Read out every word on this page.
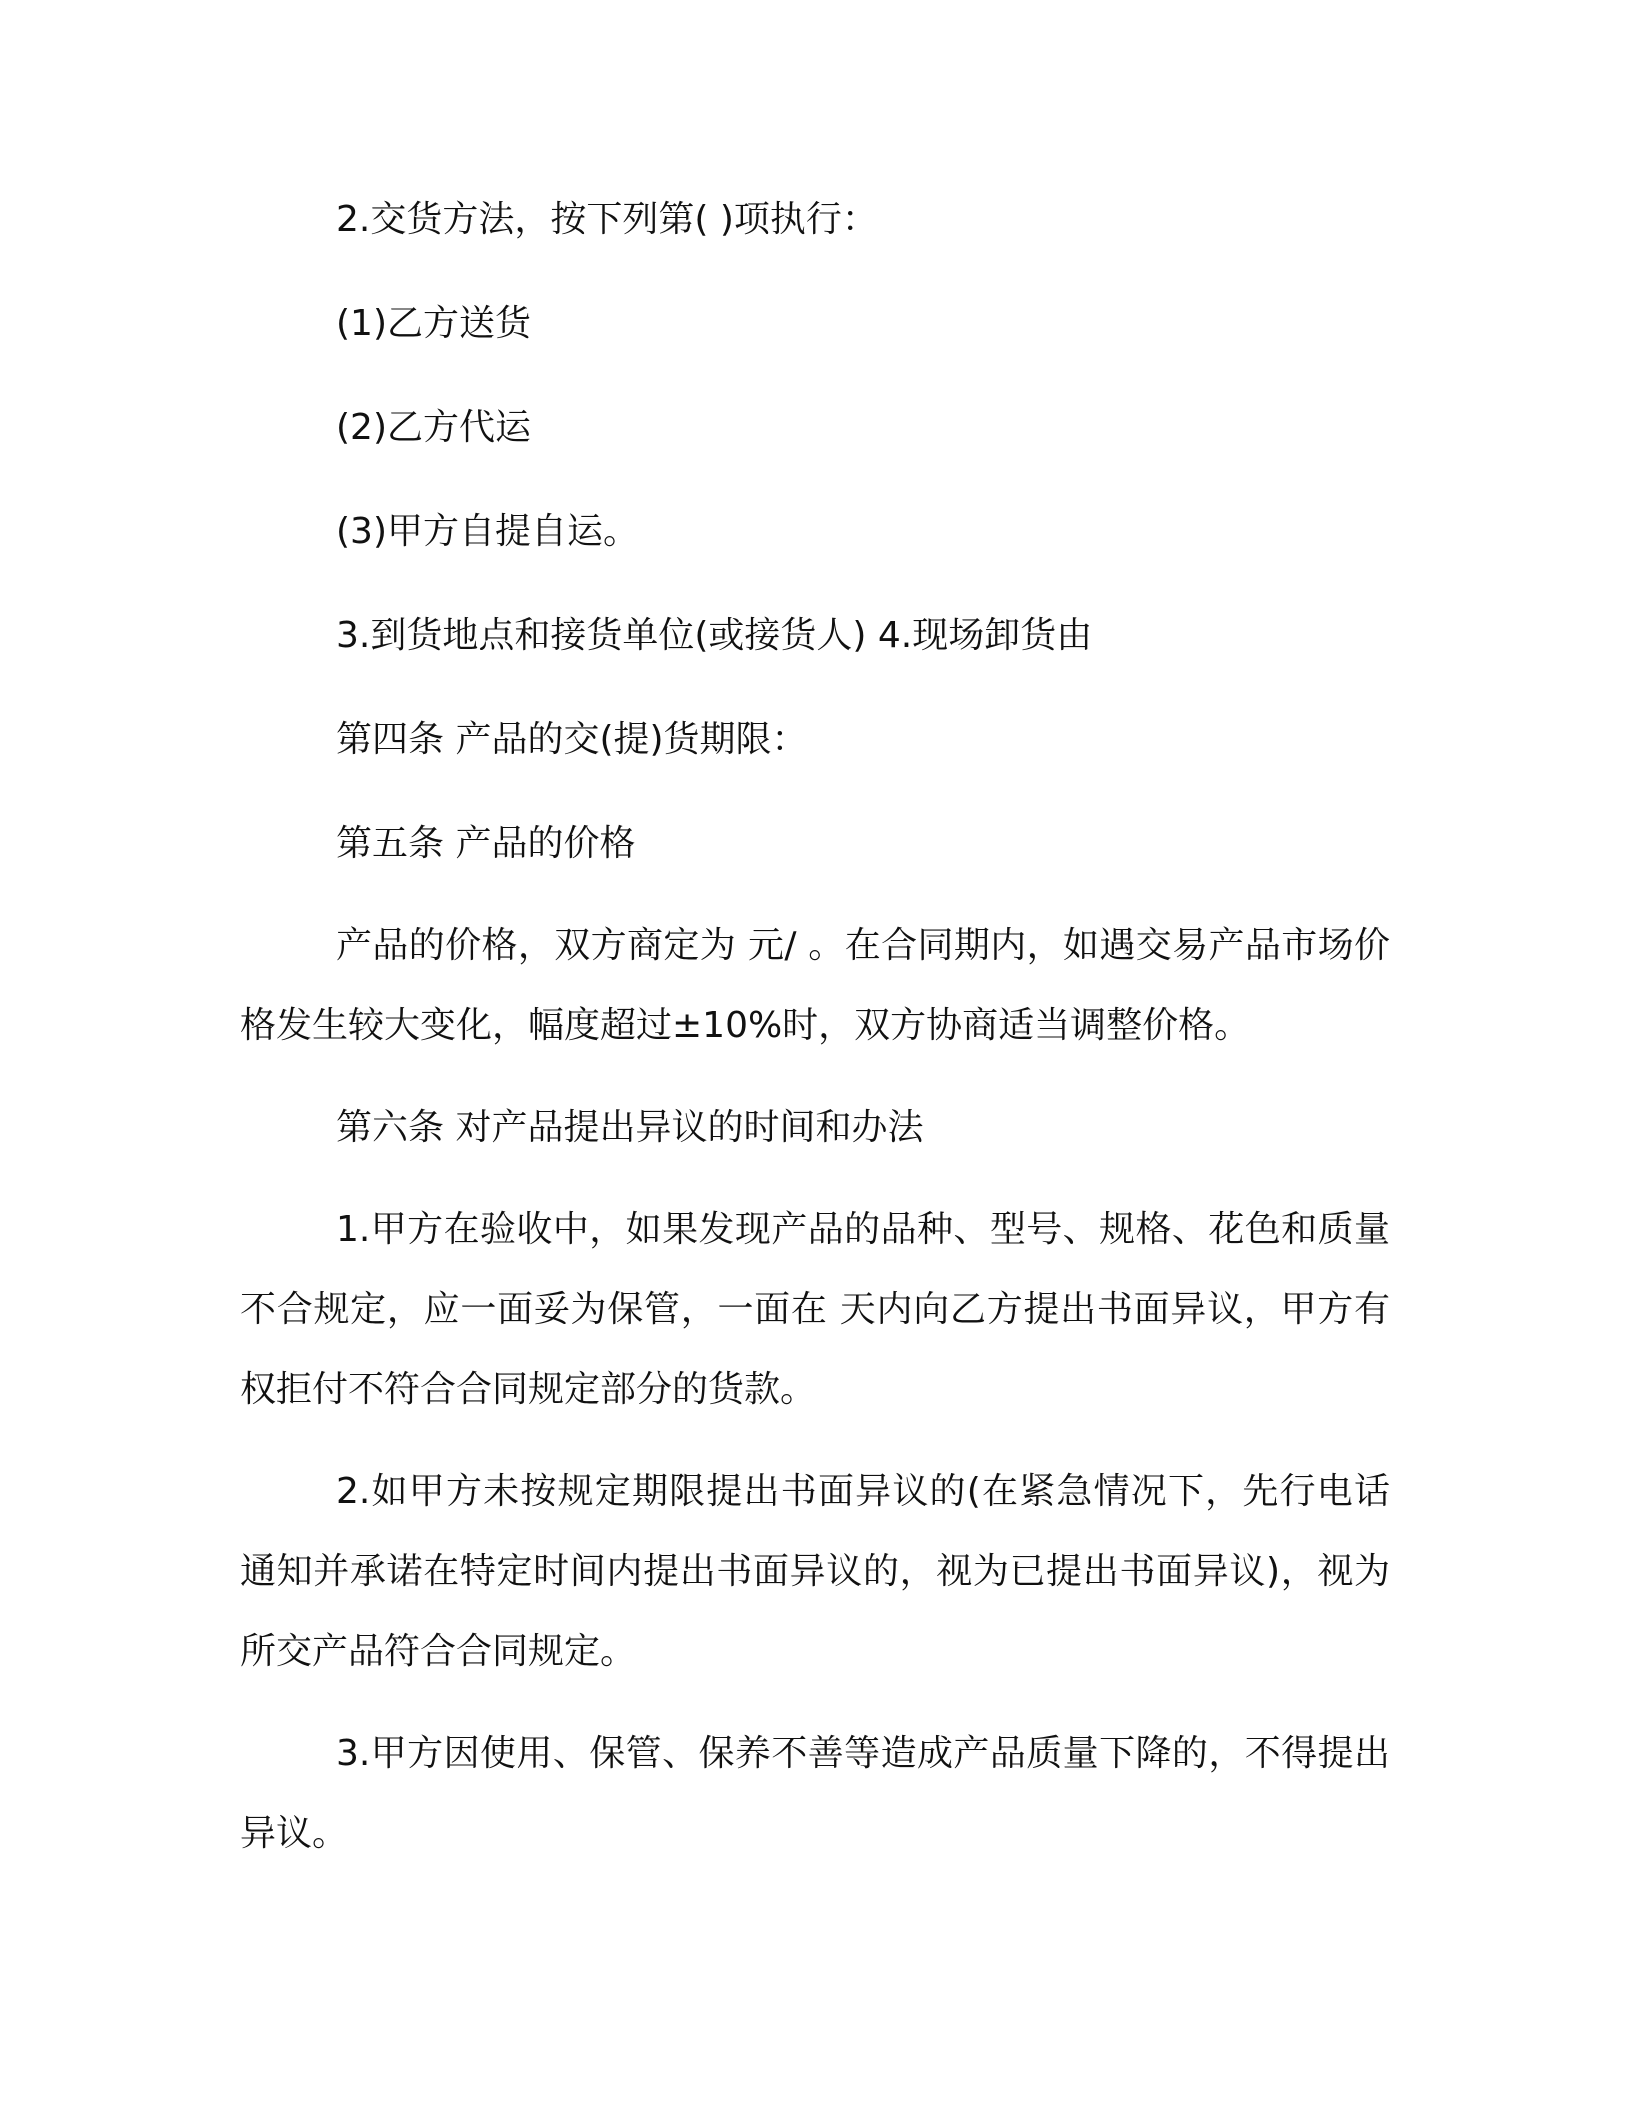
2.交货方法，按下列第( )项执行：

(1)乙方送货

(2)乙方代运

(3)甲方自提自运。

3.到货地点和接货单位(或接货人) 4.现场卸货由

第四条 产品的交(提)货期限：

第五条 产品的价格

产品的价格，双方商定为 元/ 。在合同期内，如遇交易产品市场价格发生较大变化，幅度超过±10%时，双方协商适当调整价格。

第六条 对产品提出异议的时间和办法

1.甲方在验收中，如果发现产品的品种、型号、规格、花色和质量不合规定，应一面妥为保管，一面在 天内向乙方提出书面异议，甲方有权拒付不符合合同规定部分的货款。

2.如甲方未按规定期限提出书面异议的(在紧急情况下，先行电话通知并承诺在特定时间内提出书面异议的，视为已提出书面异议)，视为所交产品符合合同规定。

3.甲方因使用、保管、保养不善等造成产品质量下降的，不得提出异议。
